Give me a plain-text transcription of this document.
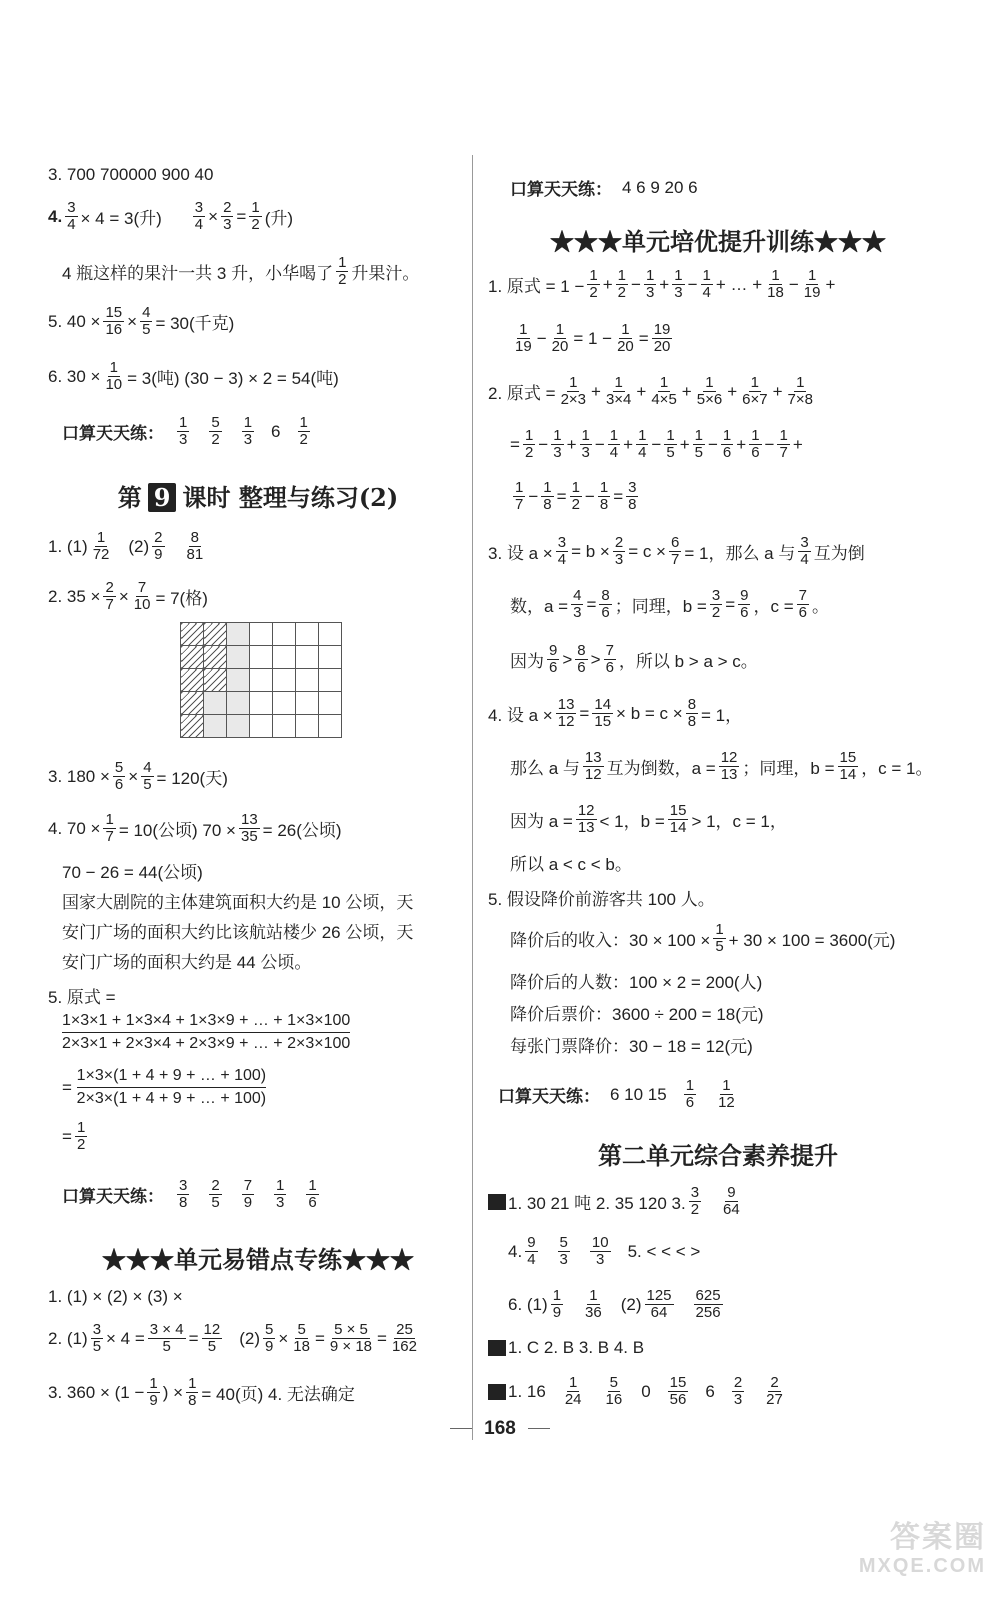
3. 700 700000 900 40
4. $\frac{3}{4} \times 4 = 3$(升) $\frac{3}{4} \times \frac{2}{3} = \frac{1}{2}$ (升)
4 瓶这样的果汁一共 3 升，小华喝了 $\frac{1}{2}$ 升果汁。
5. $40 \times \frac{15}{16} \times \frac{4}{5} = 30$(千克)
6. $30 \times \frac{1}{10} = 3$(吨) (30 − 3) × 2 = 54(吨)
口算天天练： $\frac{1}{3} \frac{5}{2} \frac{1}{3} 6 \frac{1}{2}$
第 9 课时 整理与练习(2)
1. $(1) \frac{1}{72} (2) \frac{2}{9} \frac{8}{81}$
2. $35 \times \frac{2}{7} \times \frac{7}{10} = 7$(格)

3. $180 \times \frac{5}{6} \times \frac{4}{5} = 120$(天)
4. $70 \times \frac{1}{7} = 10$(公顷) $70 \times \frac{13}{35} = 26$(公顷)
70 − 26 = 44(公顷)
国家大剧院的主体建筑面积大约是 10 公顷，天
安门广场的面积大约比该航站楼少 26 公顷，天
安门广场的面积大约是 44 公顷。
5. 原式 =
1×3×1 + 1×3×4 + 1×3×9 + … + 1×3×100
2×3×1 + 2×3×4 + 2×3×9 + … + 2×3×100
=
1×3×(1 + 4 + 9 + … + 100)
2×3×(1 + 4 + 9 + … + 100)
= $\frac{1}{2}$
口算天天练： $\frac{3}{8} \frac{2}{5} \frac{7}{9} \frac{1}{3} \frac{1}{6}$
★★★单元易错点专练★★★
1. (1) × (2) × (3) ×
2. $(1) \frac{3}{5} \times 4 = \frac{3 \times 4}{5} = \frac{12}{5} (2) \frac{5}{9} \times \frac{5}{18} = \frac{5 \times 5}{9 \times 18} = \frac{25}{162}$
3. $360 \times (1 - \frac{1}{9}$ ) × $\frac{1}{8} = 40$(页) 4. 无法确定
口算天天练： 4 6 9 20 6
★★★单元培优提升训练★★★
1. 原式 = $1 - \frac{1}{2} + \frac{1}{2} - \frac{1}{3} + \frac{1}{3} - \frac{1}{4}$ + … + $\frac{1}{18} - \frac{1}{19}$ +
$\frac{1}{19} - \frac{1}{20} = 1 - \frac{1}{20} = \frac{19}{20}$
2. 原式 = $\frac{1}{2\times 3} + \frac{1}{3\times 4} + \frac{1}{4\times 5} + \frac{1}{5\times 6} + \frac{1}{6\times 7} + \frac{1}{7\times 8}$
= $\frac{1}{2} - \frac{1}{3} + \frac{1}{3} - \frac{1}{4} + \frac{1}{4} - \frac{1}{5} + \frac{1}{5} - \frac{1}{6} + \frac{1}{6} - \frac{1}{7}$ +
$\frac{1}{7} - \frac{1}{8} = \frac{1}{2} - \frac{1}{8} = \frac{3}{8}$
3. 设 $a \times \frac{3}{4} = b \times \frac{2}{3} = c \times \frac{6}{7} = 1$，那么 a 与 $\frac{3}{4}$ 互为倒
数，$a = \frac{4}{3} = \frac{8}{6}$ ；同理，$b = \frac{3}{2} = \frac{9}{6}$ ，$c = \frac{7}{6}$ 。
因为 $\frac{9}{6} > \frac{8}{6} > \frac{7}{6}$ ，所以 b > a > c。
4. 设 $a \times \frac{13}{12} = \frac{14}{15} \times b = c \times \frac{8}{8} = 1$，
那么 a 与 $\frac{13}{12}$ 互为倒数，$a = \frac{12}{13}$ ；同理，$b = \frac{15}{14}$ ，c = 1。
因为 $a = \frac{12}{13} < 1$，$b = \frac{15}{14} > 1$，c = 1，
所以 a < c < b。
5. 假设降价前游客共 100 人。
降价后的收入：$30 \times 100 \times \frac{1}{5} + 30 \times 100 = 3600$(元)
降价后的人数：100 × 2 = 200(人)
降价后票价：3600 ÷ 200 = 18(元)
每张门票降价：30 − 18 = 12(元)
口算天天练： 6 10 $15 \frac{1}{6} \frac{1}{12}$
第二单元综合素养提升
1. 30 21 吨 2. 35 120 3. $\frac{3}{2} \frac{9}{64}$
4. $\frac{9}{4} \frac{5}{3} \frac{10}{3} 5$. < < < >
6. $(1) \frac{1}{9} \frac{1}{36} (2) \frac{125}{64} \frac{625}{256}$
1. C 2. B 3. B 4. B
1. $16 \frac{1}{24} \frac{5}{16} 0 \frac{15}{56} 6 \frac{2}{3} \frac{2}{27}$
168
答案圈
MXQE.COM
